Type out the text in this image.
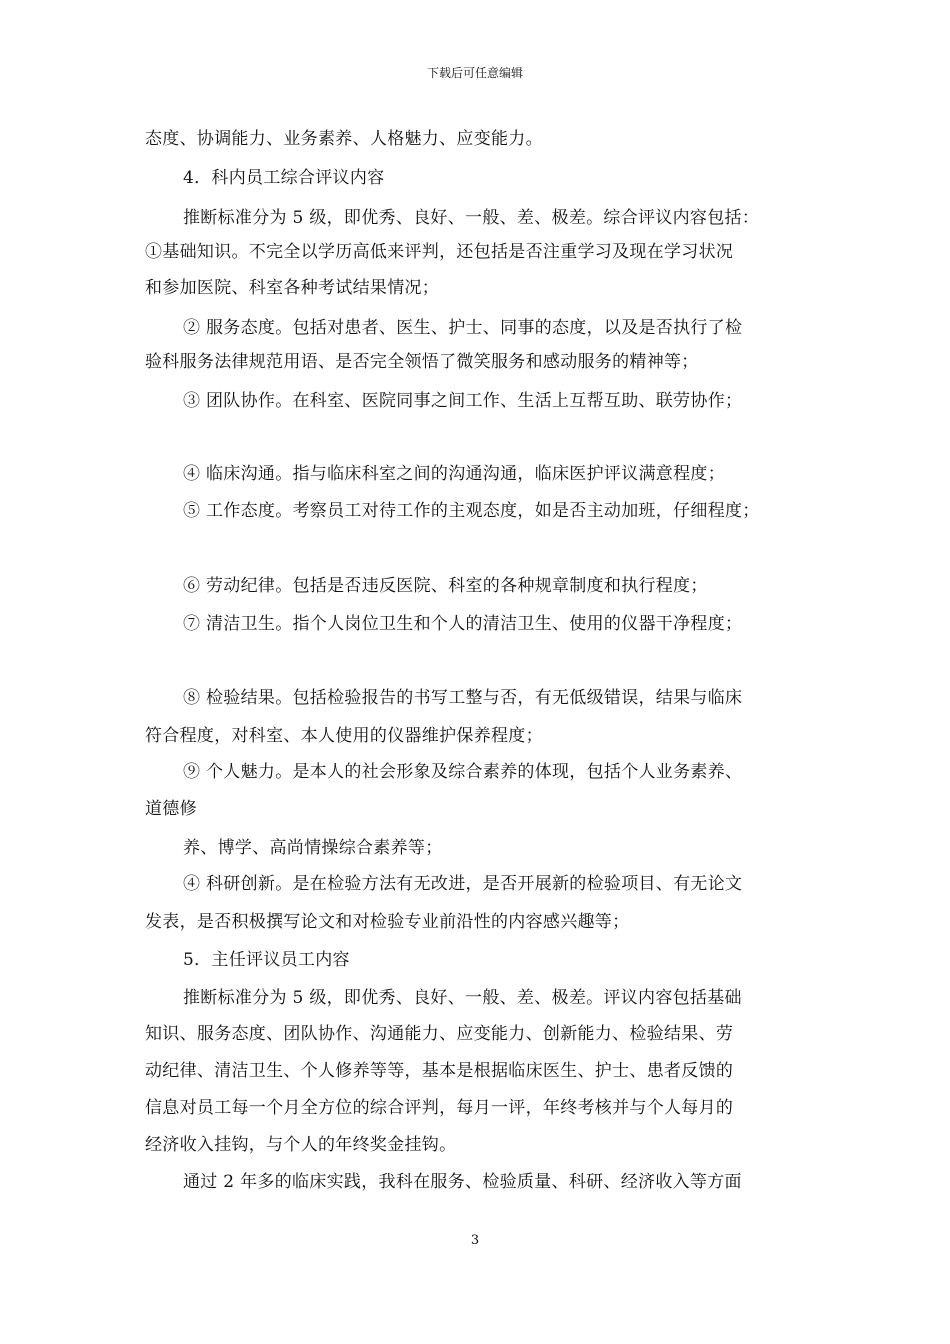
下载后可任意编辑
态度、协调能力、业务素养、人格魅力、应变能力。
4．科内员工综合评议内容
推断标准分为 5 级，即优秀、良好、一般、差、极差。综合评议内容包括：
①基础知识。不完全以学历高低来评判，还包括是否注重学习及现在学习状况
和参加医院、科室各种考试结果情况；
② 服务态度。包括对患者、医生、护士、同事的态度，以及是否执行了检
验科服务法律规范用语、是否完全领悟了微笑服务和感动服务的精神等；
③ 团队协作。在科室、医院同事之间工作、生活上互帮互助、联劳协作；
④ 临床沟通。指与临床科室之间的沟通沟通，临床医护评议满意程度；
⑤ 工作态度。考察员工对待工作的主观态度，如是否主动加班，仔细程度；
⑥ 劳动纪律。包括是否违反医院、科室的各种规章制度和执行程度；
⑦ 清洁卫生。指个人岗位卫生和个人的清洁卫生、使用的仪器干净程度；
⑧ 检验结果。包括检验报告的书写工整与否，有无低级错误，结果与临床
符合程度，对科室、本人使用的仪器维护保养程度；
⑨ 个人魅力。是本人的社会形象及综合素养的体现，包括个人业务素养、
道德修
养、博学、高尚情操综合素养等；
④ 科研创新。是在检验方法有无改进，是否开展新的检验项目、有无论文
发表，是否积极撰写论文和对检验专业前沿性的内容感兴趣等；
5．主任评议员工内容
推断标准分为 5 级，即优秀、良好、一般、差、极差。评议内容包括基础
知识、服务态度、团队协作、沟通能力、应变能力、创新能力、检验结果、劳
动纪律、清洁卫生、个人修养等等，基本是根据临床医生、护士、患者反馈的
信息对员工每一个月全方位的综合评判，每月一评，年终考核并与个人每月的
经济收入挂钩，与个人的年终奖金挂钩。
通过 2 年多的临床实践，我科在服务、检验质量、科研、经济收入等方面
3
